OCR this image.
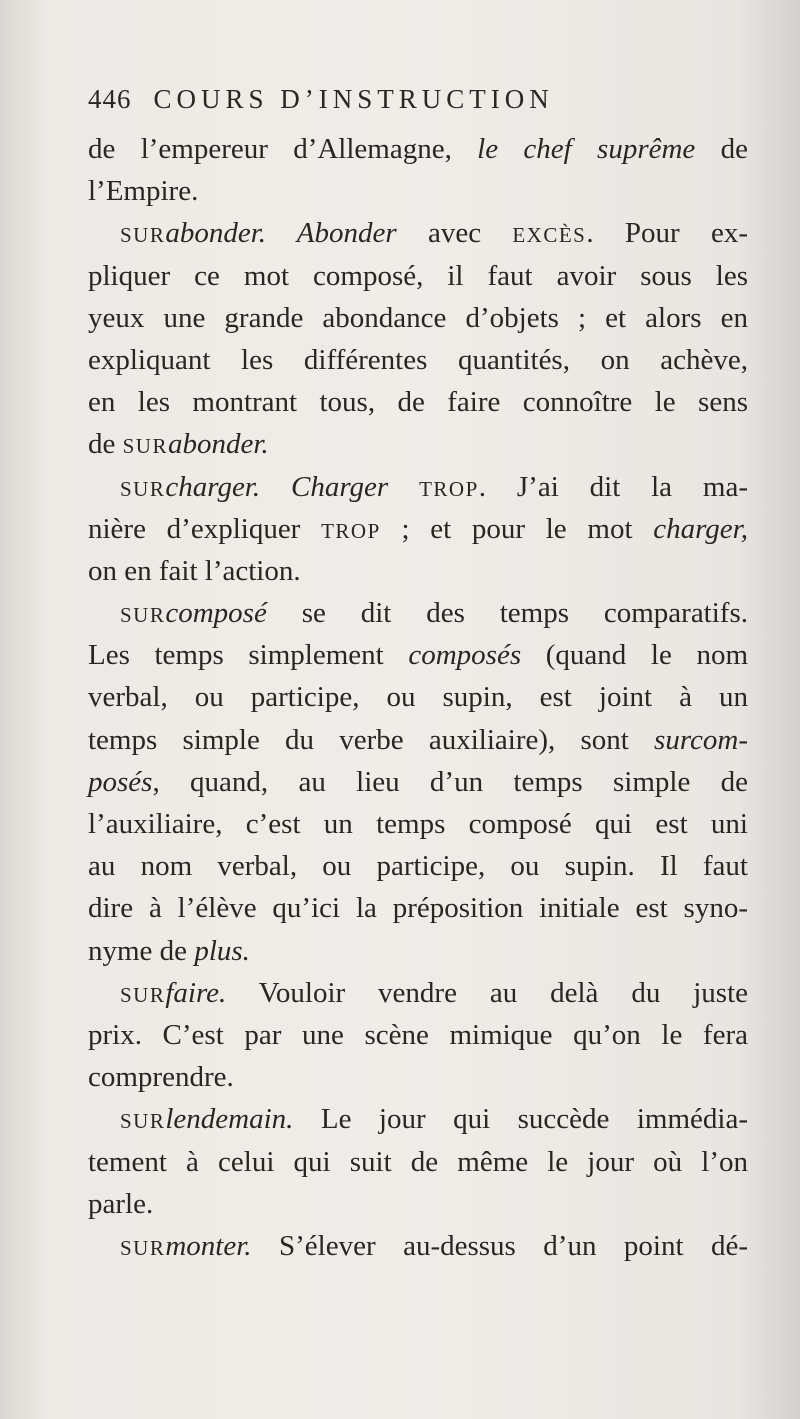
446 COURS D’INSTRUCTION
de l’empereur d’Allemagne, le chef suprême de
l’Empire.
SURabonder. Abonder avec EXCÈS. Pour ex-
pliquer ce mot composé, il faut avoir sous les
yeux une grande abondance d’objets ; et alors en
expliquant les différentes quantités, on achève,
en les montrant tous, de faire connoître le sens
de SURabonder.
SURcharger. Charger TROP. J’ai dit la ma-
nière d’expliquer TROP ; et pour le mot charger,
on en fait l’action.
SURcomposé se dit des temps comparatifs.
Les temps simplement composés (quand le nom
verbal, ou participe, ou supin, est joint à un
temps simple du verbe auxiliaire), sont surcom-
posés, quand, au lieu d’un temps simple de
l’auxiliaire, c’est un temps composé qui est uni
au nom verbal, ou participe, ou supin. Il faut
dire à l’élève qu’ici la préposition initiale est syno-
nyme de plus.
SURfaire. Vouloir vendre au delà du juste
prix. C’est par une scène mimique qu’on le fera
comprendre.
SURlendemain. Le jour qui succède immédia-
tement à celui qui suit de même le jour où l’on
parle.
SURmonter. S’élever au-dessus d’un point dé-
